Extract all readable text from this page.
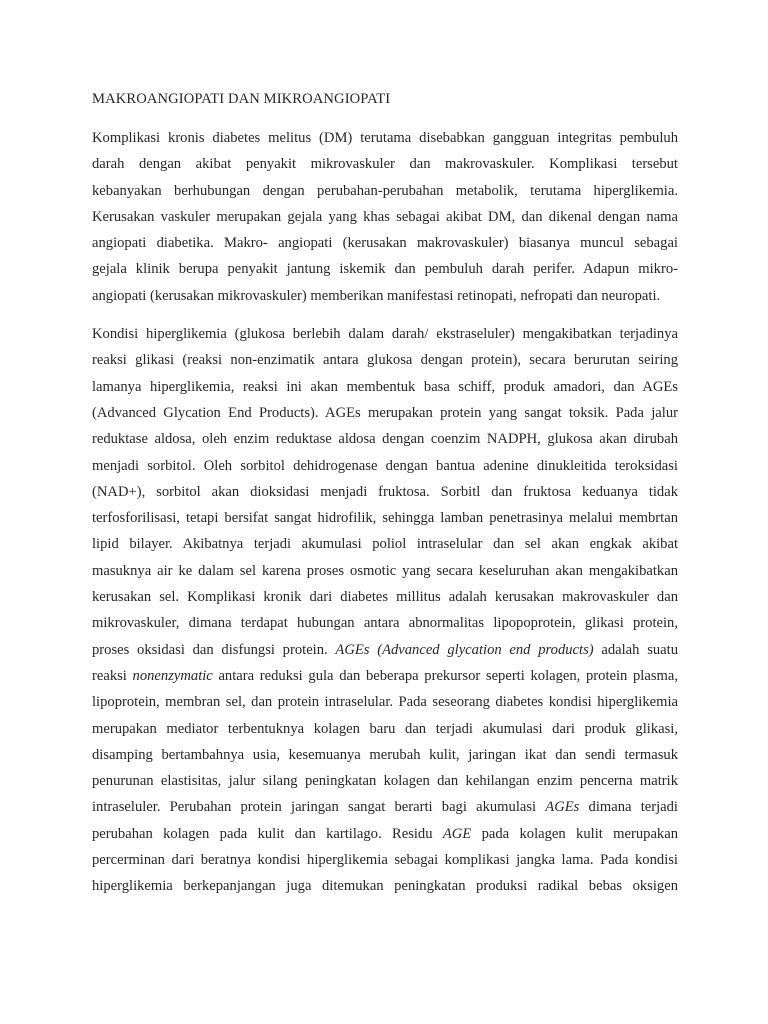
MAKROANGIOPATI DAN MIKROANGIOPATI
Komplikasi kronis diabetes melitus (DM) terutama disebabkan gangguan integritas pembuluh
darah dengan akibat penyakit mikrovaskuler dan makrovaskuler. Komplikasi tersebut
kebanyakan berhubungan dengan perubahan-perubahan metabolik, terutama hiperglikemia.
Kerusakan vaskuler merupakan gejala yang khas sebagai akibat DM, dan dikenal dengan nama
angiopati diabetika. Makro- angiopati (kerusakan makrovaskuler) biasanya muncul sebagai
gejala klinik berupa penyakit jantung iskemik dan pembuluh darah perifer. Adapun mikro-
angiopati (kerusakan mikrovaskuler) memberikan manifestasi retinopati, nefropati dan neuropati.
Kondisi hiperglikemia (glukosa berlebih dalam darah/ ekstraseluler) mengakibatkan terjadinya
reaksi glikasi (reaksi non-enzimatik antara glukosa dengan protein), secara berurutan seiring
lamanya hiperglikemia, reaksi ini akan membentuk basa schiff, produk amadori, dan AGEs
(Advanced Glycation End Products). AGEs merupakan protein yang sangat toksik. Pada jalur
reduktase aldosa, oleh enzim reduktase aldosa dengan coenzim NADPH, glukosa akan dirubah
menjadi sorbitol. Oleh sorbitol dehidrogenase dengan bantua adenine dinukleitida teroksidasi
(NAD+), sorbitol akan dioksidasi menjadi fruktosa. Sorbitl dan fruktosa keduanya tidak
terfosforilisasi, tetapi bersifat sangat hidrofilik, sehingga lamban penetrasinya melalui membrtan
lipid bilayer. Akibatnya terjadi akumulasi poliol intraselular dan sel akan engkak akibat
masuknya air ke dalam sel karena proses osmotic yang secara keseluruhan akan mengakibatkan
kerusakan sel. Komplikasi kronik dari diabetes millitus adalah kerusakan makrovaskuler dan
mikrovaskuler, dimana terdapat hubungan antara abnormalitas lipopoprotein, glikasi protein,
proses oksidasi dan disfungsi protein. AGEs (Advanced glycation end products) adalah suatu
reaksi nonenzymatic antara reduksi gula dan beberapa prekursor seperti kolagen, protein plasma,
lipoprotein, membran sel, dan protein intraselular. Pada seseorang diabetes kondisi hiperglikemia
merupakan mediator terbentuknya kolagen baru dan terjadi akumulasi dari produk glikasi,
disamping bertambahnya usia, kesemuanya merubah kulit, jaringan ikat dan sendi termasuk
penurunan elastisitas, jalur silang peningkatan kolagen dan kehilangan enzim pencerna matrik
intraseluler. Perubahan protein jaringan sangat berarti bagi akumulasi AGEs dimana terjadi
perubahan kolagen pada kulit dan kartilago. Residu AGE pada kolagen kulit merupakan
percerminan dari beratnya kondisi hiperglikemia sebagai komplikasi jangka lama. Pada kondisi
hiperglikemia berkepanjangan juga ditemukan peningkatan produksi radikal bebas oksigen
